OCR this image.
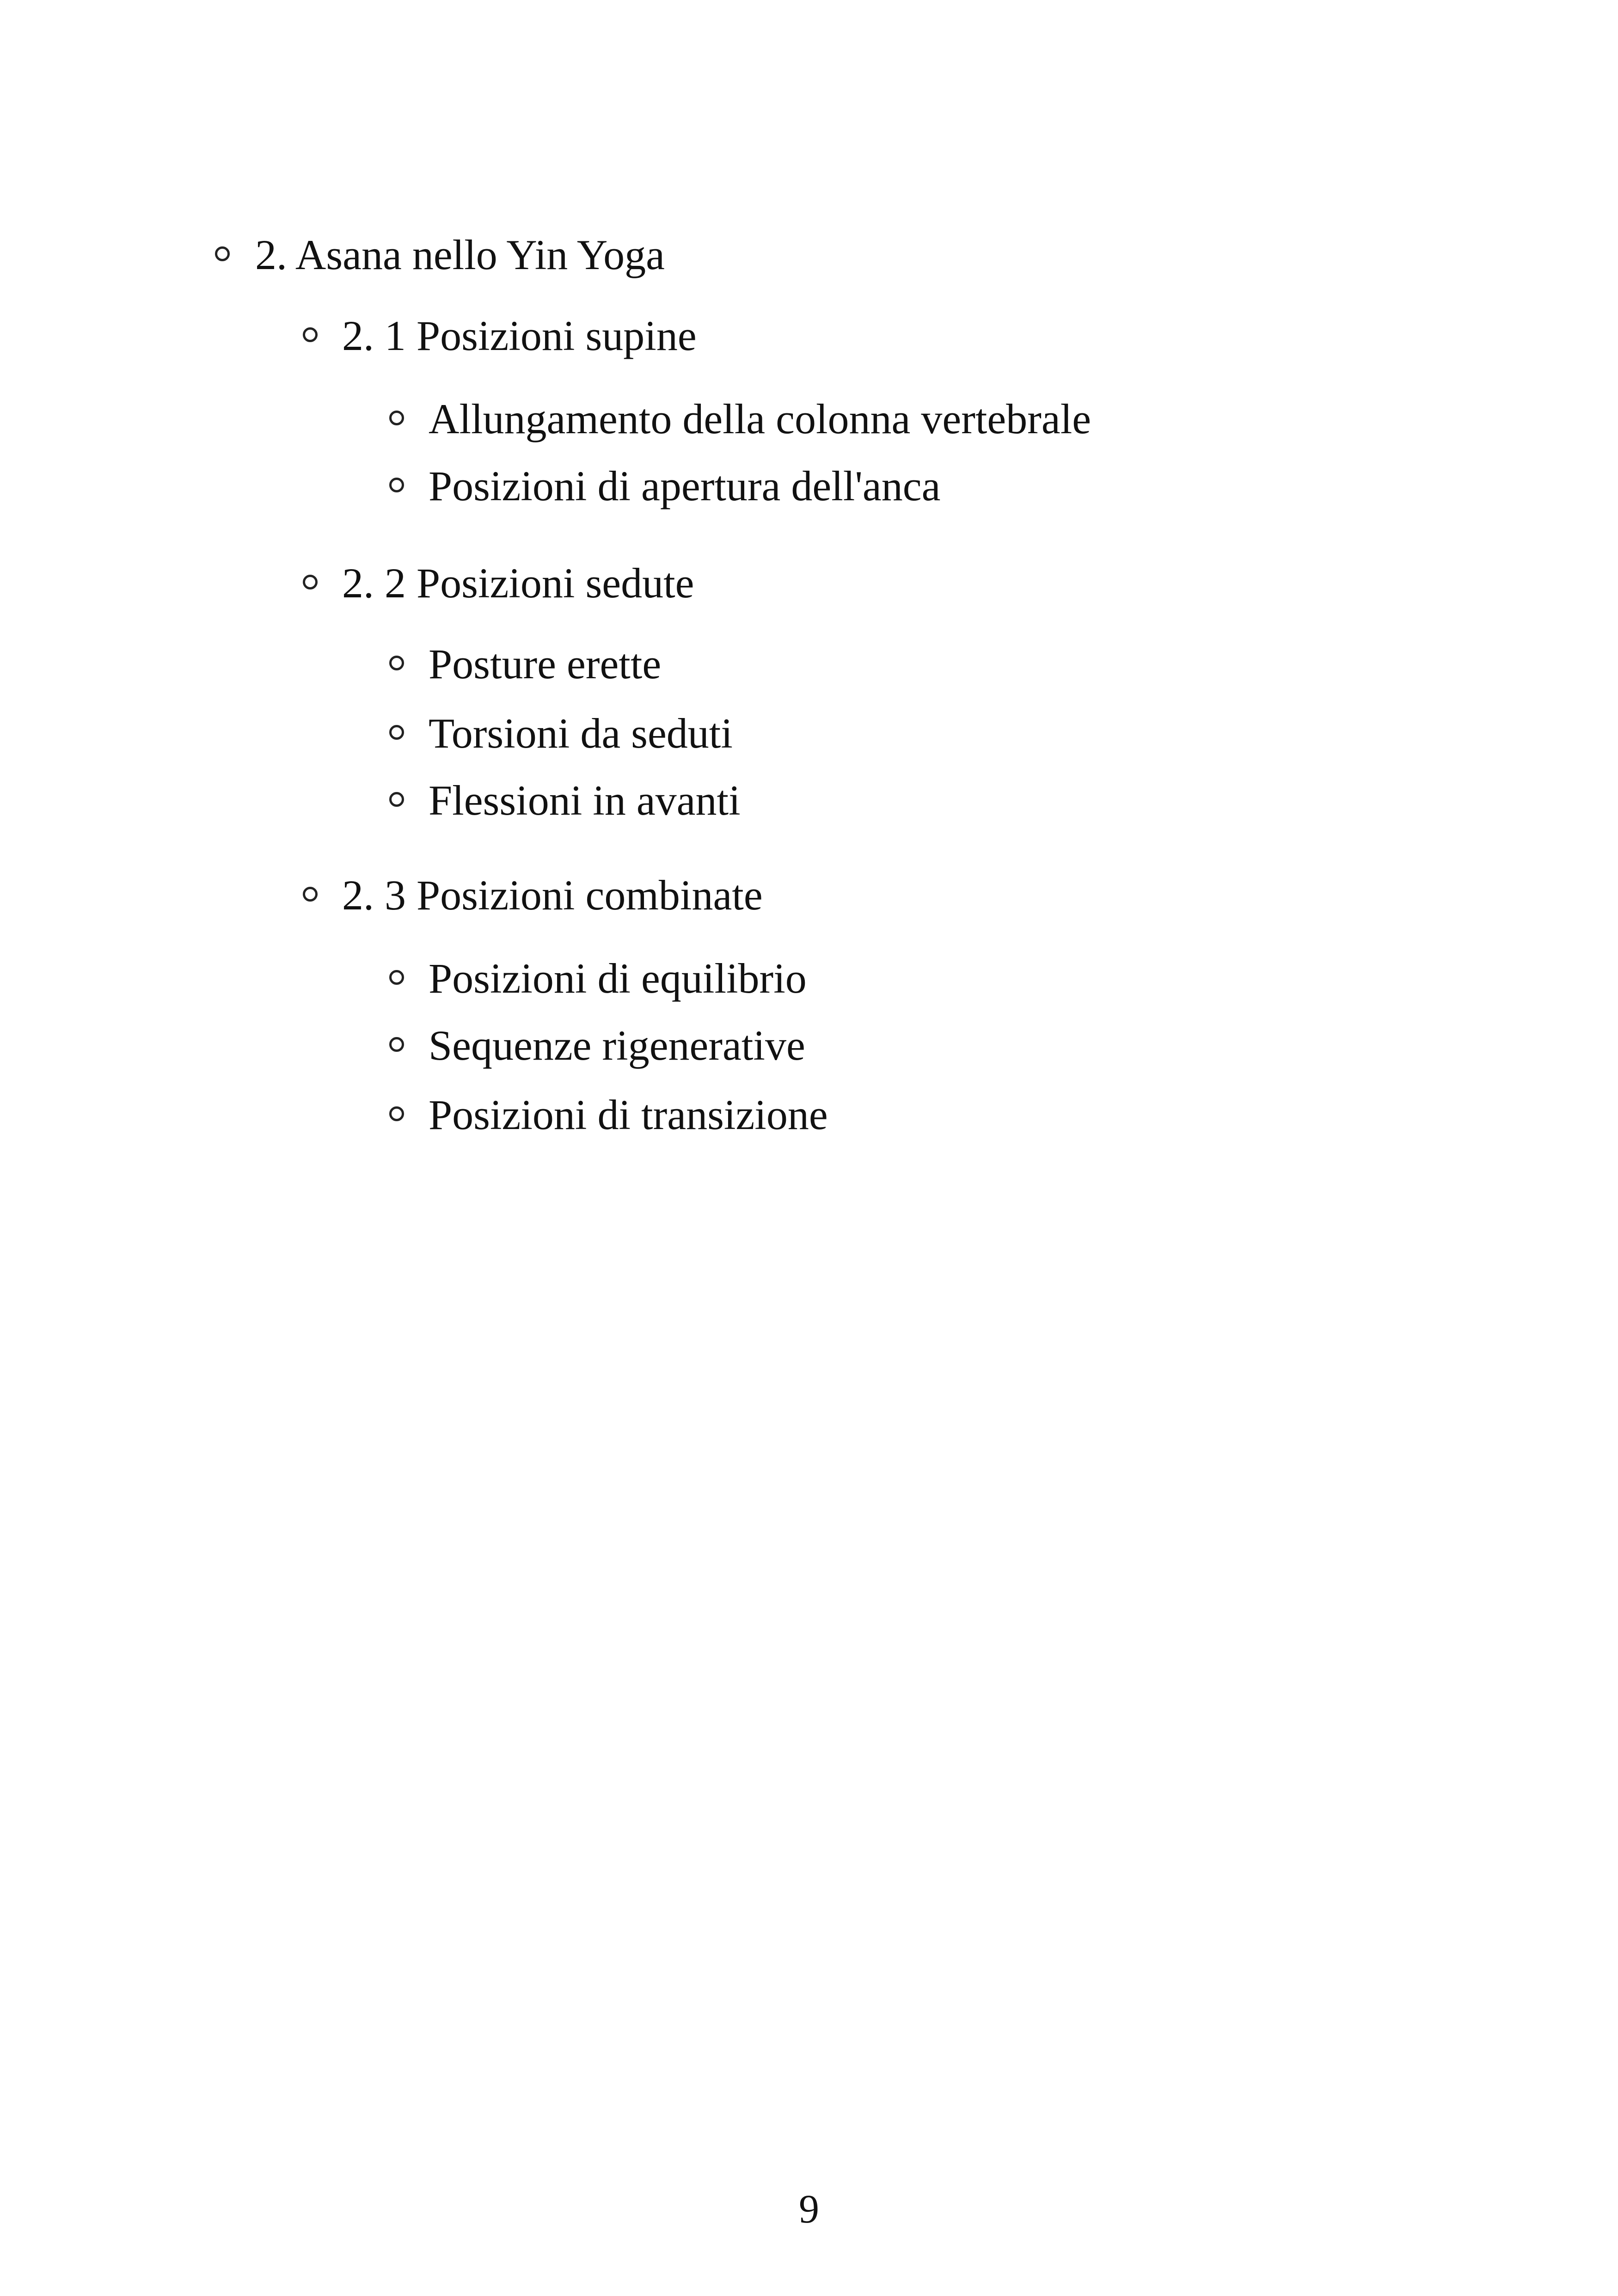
2. Asana nello Yin Yoga
2. 1 Posizioni supine
Allungamento della colonna vertebrale
Posizioni di apertura dell'anca
2. 2 Posizioni sedute
Posture erette
Torsioni da seduti
Flessioni in avanti
2. 3 Posizioni combinate
Posizioni di equilibrio
Sequenze rigenerative
Posizioni di transizione
9
